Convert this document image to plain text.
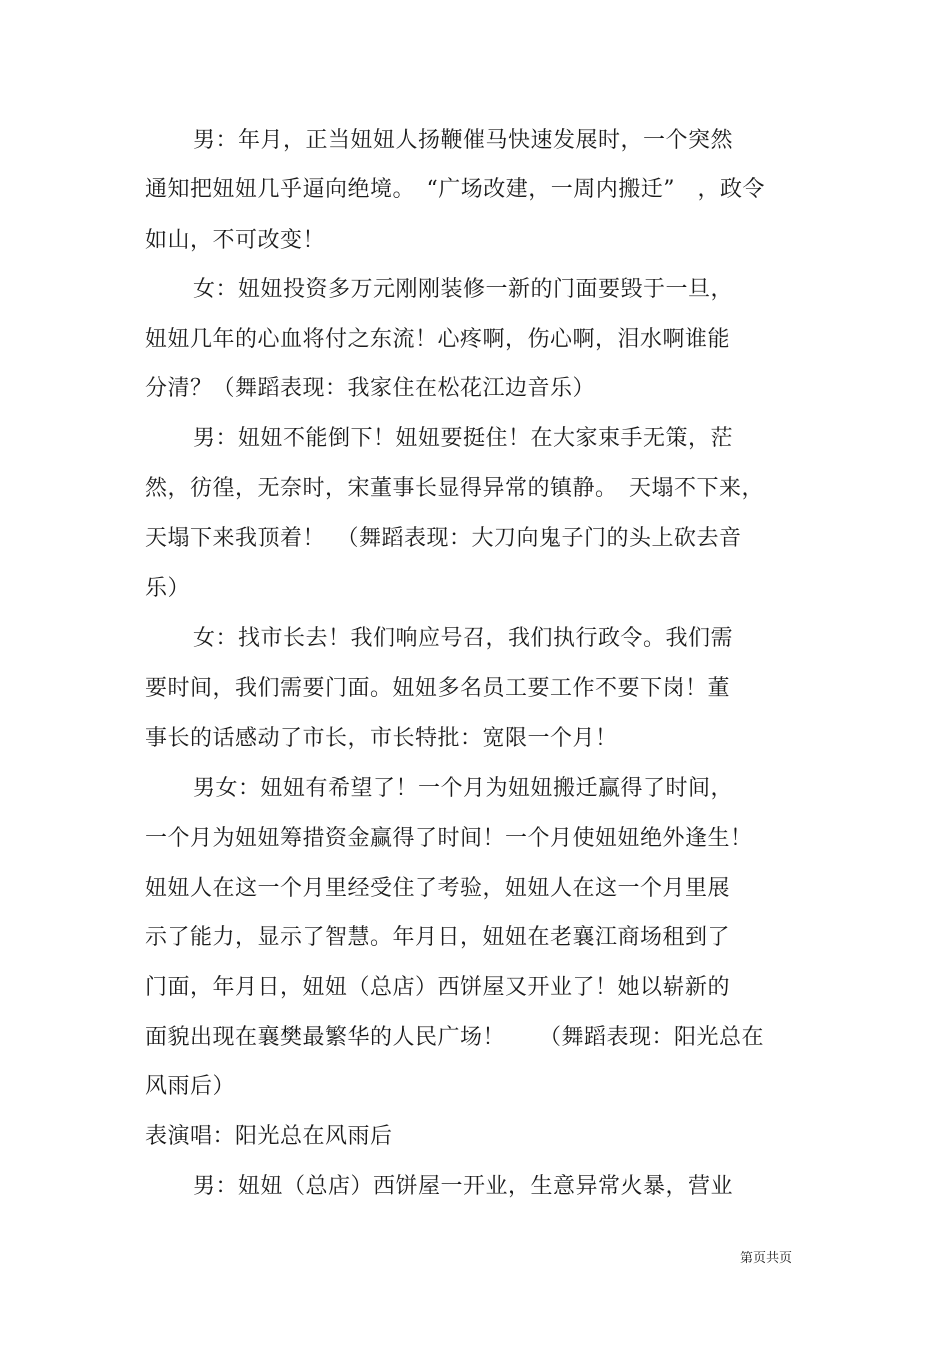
男：年月，正当妞妞人扬鞭催马快速发展时，一个突然
通知把妞妞几乎逼向绝境。　“广场改建，一周内搬迁”　，政令
如山，不可改变！
女：妞妞投资多万元刚刚装修一新的门面要毁于一旦，
妞妞几年的心血将付之东流！心疼啊，伤心啊，泪水啊谁能
分清？（舞蹈表现：我家住在松花江边音乐）
男：妞妞不能倒下！妞妞要挺住！在大家束手无策，茫
然，彷徨，无奈时，宋董事长显得异常的镇静。　天塌不下来，
天塌下来我顶着！　（舞蹈表现：大刀向鬼子门的头上砍去音
乐）
女：找市长去！我们响应号召，我们执行政令。我们需
要时间，我们需要门面。妞妞多名员工要工作不要下岗！董
事长的话感动了市长，市长特批：宽限一个月！
男女：妞妞有希望了！一个月为妞妞搬迁赢得了时间，
一个月为妞妞筹措资金赢得了时间！一个月使妞妞绝外逢生！
妞妞人在这一个月里经受住了考验，妞妞人在这一个月里展
示了能力，显示了智慧。年月日，妞妞在老襄江商场租到了
门面，年月日，妞妞（总店）西饼屋又开业了！她以崭新的
面貌出现在襄樊最繁华的人民广场！　　（舞蹈表现：阳光总在
风雨后）
表演唱：阳光总在风雨后
男：妞妞（总店）西饼屋一开业，生意异常火暴，营业
第页共页
